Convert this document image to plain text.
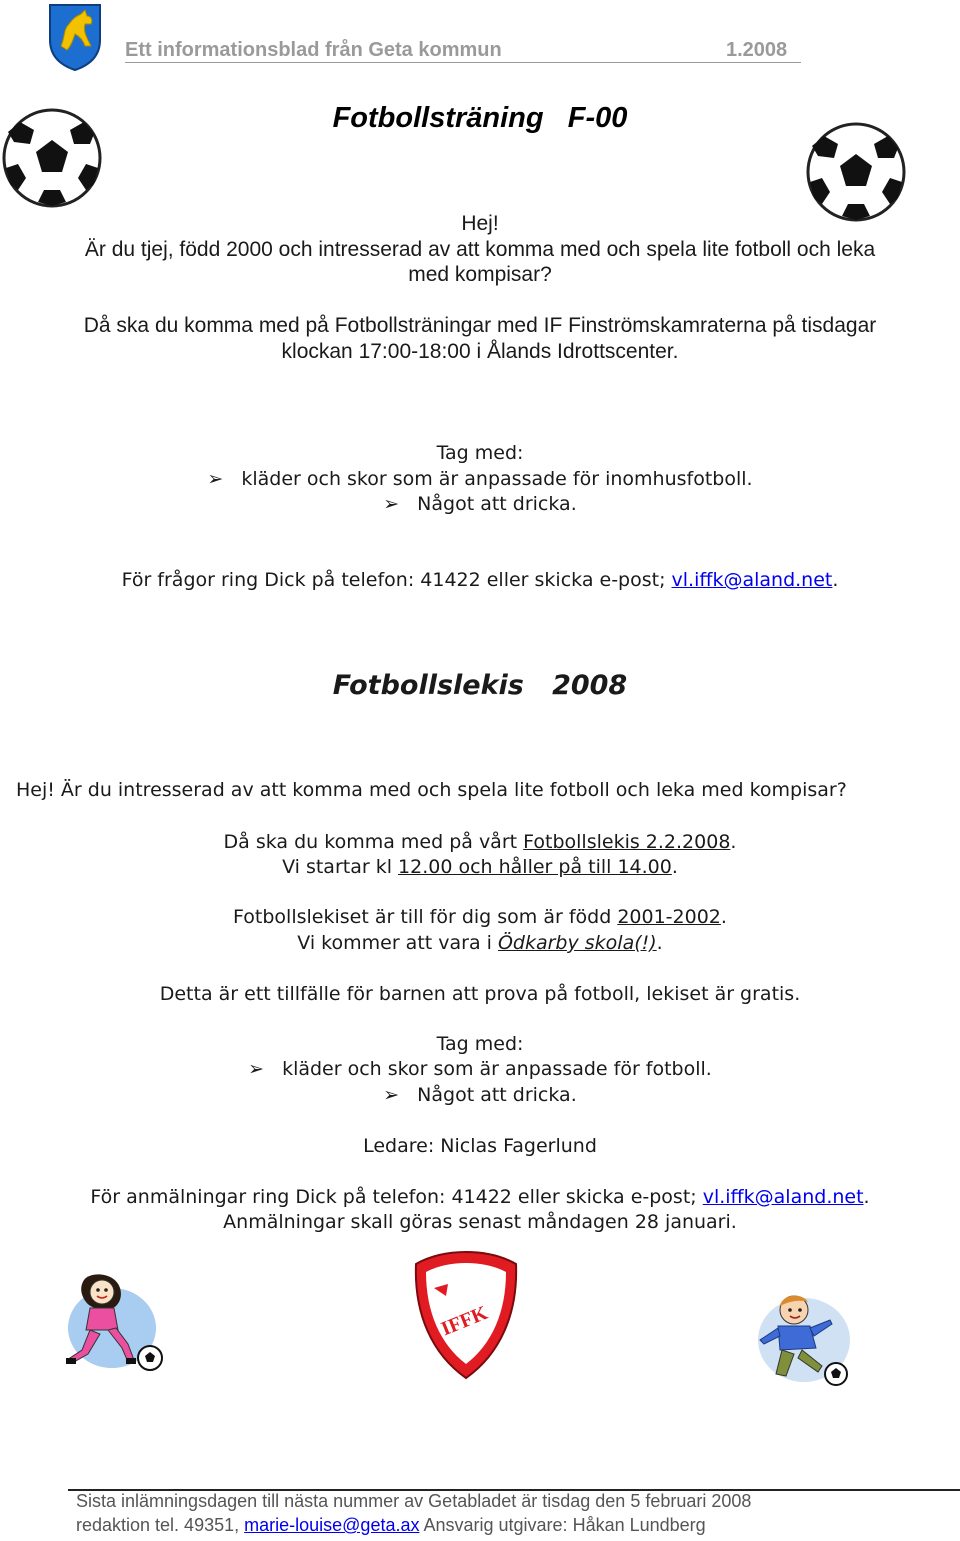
Ett informationsblad från Geta kommun	1.2008
Fotbollsträning   F-00
Hej!
Är du tjej, född 2000 och intresserad av att komma med och spela lite fotboll och leka
med kompisar?
Då ska du komma med på Fotbollsträningar med IF Finströmskamraterna på tisdagar
klockan 17:00-18:00 i Ålands Idrottscenter.
Tag med:
➢ kläder och skor som är anpassade för inomhusfotboll.
➢ Något att dricka.
För frågor ring Dick på telefon: 41422 eller skicka e-post; vl.iffk@aland.net.
Fotbollslekis   2008
Hej! Är du intresserad av att komma med och spela lite fotboll och leka med kompisar?
Då ska du komma med på vårt Fotbollslekis 2.2.2008.
Vi startar kl 12.00 och håller på till 14.00.
Fotbollslekiset är till för dig som är född 2001-2002.
Vi kommer att vara i Ödkarby skola(!).
Detta är ett tillfälle för barnen att prova på fotboll, lekiset är gratis.
Tag med:
➢ kläder och skor som är anpassade för fotboll.
➢ Något att dricka.
Ledare: Niclas Fagerlund
För anmälningar ring Dick på telefon: 41422 eller skicka e-post; vl.iffk@aland.net.
Anmälningar skall göras senast måndagen 28 januari.
IFFK
Sista inlämningsdagen till nästa nummer av Getabladet är tisdag den 5 februari 2008
redaktion tel. 49351, marie-louise@geta.ax Ansvarig utgivare: Håkan Lundberg
